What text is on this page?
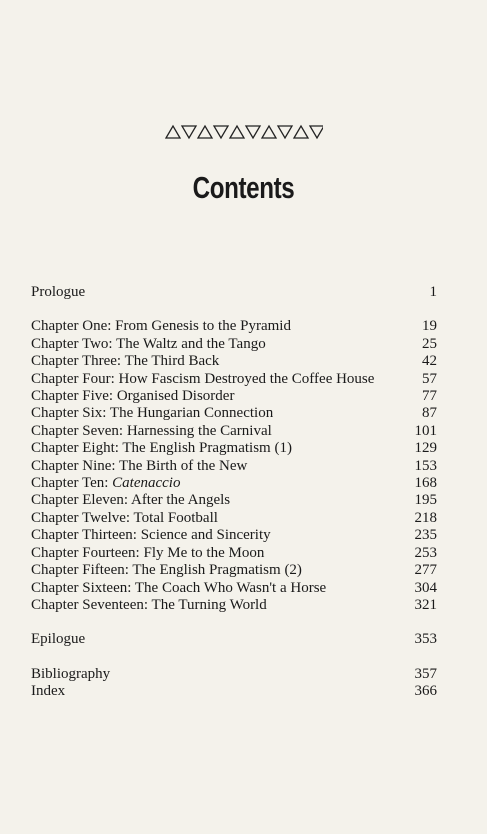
Contents
Prologue	1
Chapter One: From Genesis to the Pyramid	19
Chapter Two: The Waltz and the Tango	25
Chapter Three: The Third Back	42
Chapter Four: How Fascism Destroyed the Coffee House	57
Chapter Five: Organised Disorder	77
Chapter Six: The Hungarian Connection	87
Chapter Seven: Harnessing the Carnival	101
Chapter Eight: The English Pragmatism (1)	129
Chapter Nine: The Birth of the New	153
Chapter Ten: Catenaccio	168
Chapter Eleven: After the Angels	195
Chapter Twelve: Total Football	218
Chapter Thirteen: Science and Sincerity	235
Chapter Fourteen: Fly Me to the Moon	253
Chapter Fifteen: The English Pragmatism (2)	277
Chapter Sixteen: The Coach Who Wasn't a Horse	304
Chapter Seventeen: The Turning World	321
Epilogue	353
Bibliography	357
Index	366
